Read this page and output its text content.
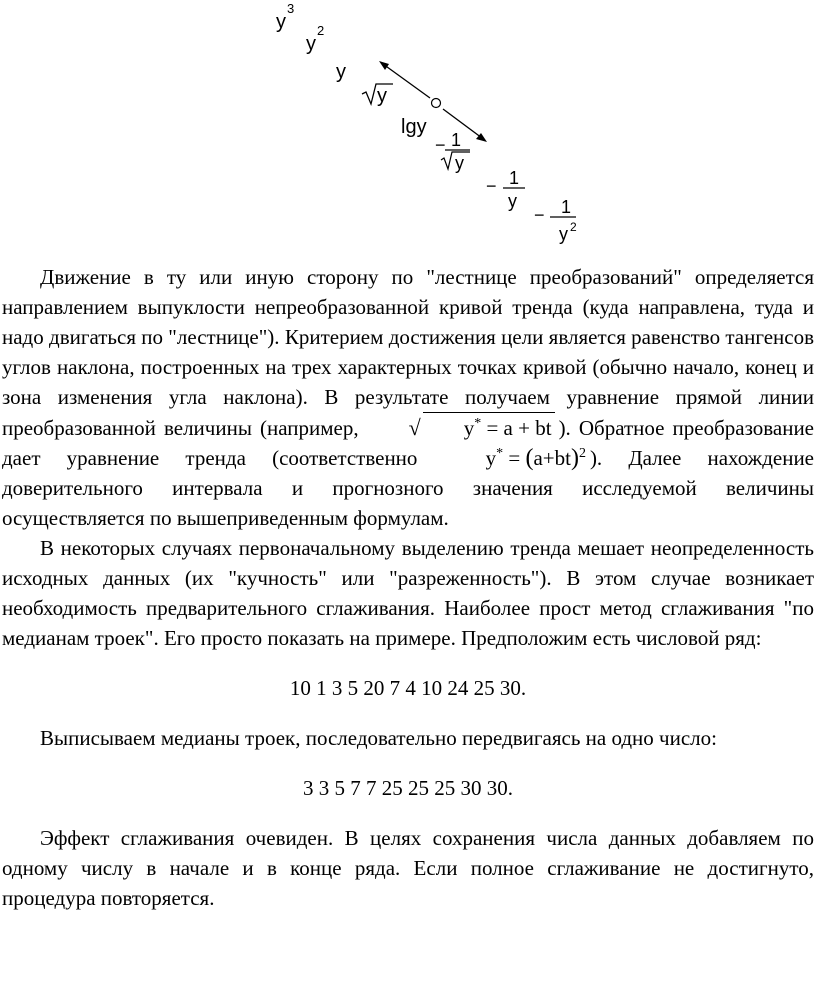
y
3
y
2
y
y
lgy
− 1
y
− 1
y
− 1
y 2

Движение в ту или иную сторону по "лестнице преобразований" определяется направлением выпуклости непреобразованной кривой тренда (куда направлена, туда и надо двигаться по "лестнице"). Критерием достижения цели является равенство тангенсов углов наклона, построенных на трех характерных точках кривой (обычно начало, конец и зона изменения угла наклона). В результате получаем уравнение прямой линии преобразованной величины (например, √ y* = a + bt ). Обратное преобразование дает уравнение тренда (соответственно	$y^* = (a+bt)^2$ ). Далее нахождение доверительного интервала и прогнозного значения исследуемой величины осуществляется по вышеприведенным формулам.

В некоторых случаях первоначальному выделению тренда мешает неопределенность исходных данных (их "кучность" или "разреженность"). В этом случае возникает необходимость предварительного сглаживания. Наиболее прост метод сглаживания "по медианам троек". Его просто показать на примере. Предположим есть числовой ряд:

10 1 3 5 20 7 4 10 24 25 30.

Выписываем медианы троек, последовательно передвигаясь на одно число:

3 3 5 7 7 25 25 25 30 30.

Эффект сглаживания очевиден. В целях сохранения числа данных добавляем по одному числу в начале и в конце ряда. Если полное сглаживание не достигнуто, процедура повторяется.
